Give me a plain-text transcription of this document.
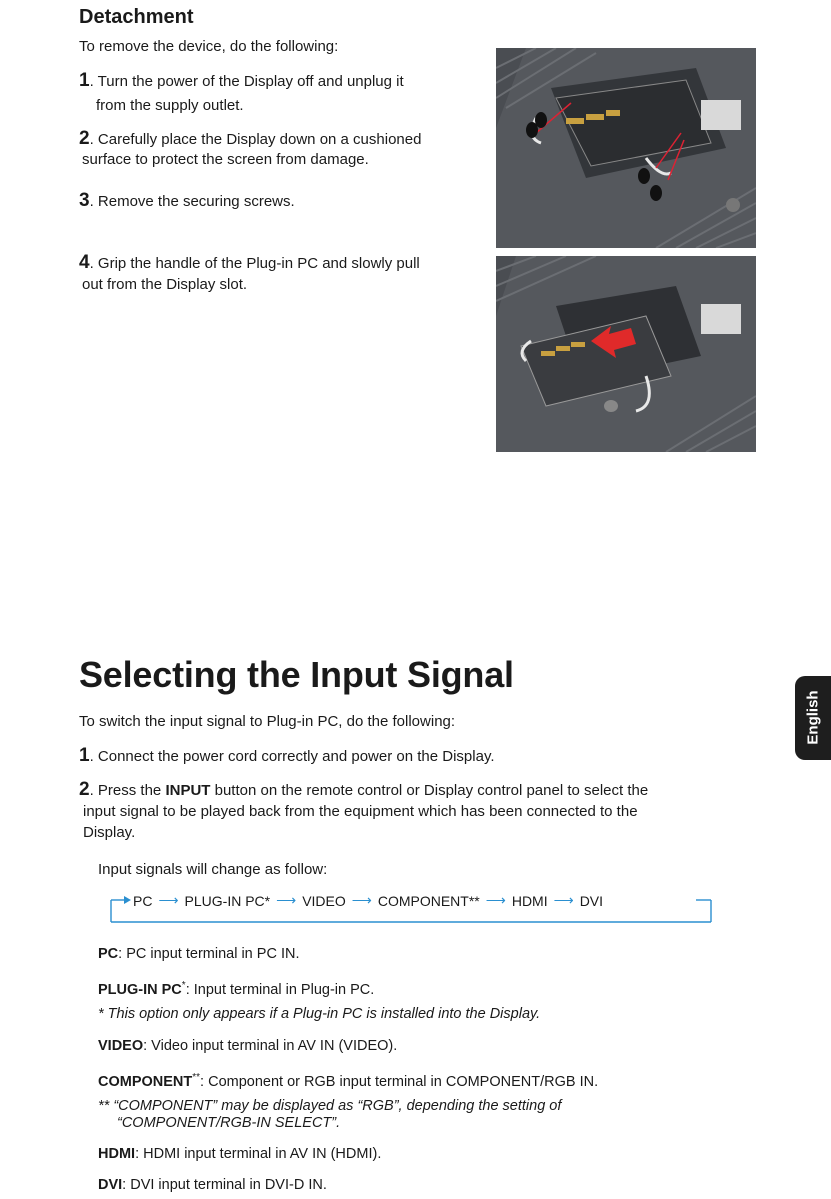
Detachment
To remove the device, do the following:
1. Turn the power of the Display off and unplug it
from the supply outlet.
2. Carefully place the Display down on a cushioned
surface to protect the screen from damage.
3. Remove the securing screws.
4. Grip the handle of the Plug-in PC and slowly pull
out from the Display slot.
Selecting the Input Signal
To switch the input signal to Plug-in PC, do the following:
1. Connect the power cord correctly and power on the Display.
2. Press the INPUT button on the remote control or Display control panel to select the
input signal to be played back from the equipment which has been connected to the
Display.
Input signals will change as follow:
PC ⟶ PLUG-IN PC* ⟶ VIDEO ⟶ COMPONENT** ⟶ HDMI ⟶ DVI
PC: PC input terminal in PC IN.
PLUG-IN PC*: Input terminal in Plug-in PC.
* This option only appears if a Plug-in PC is installed into the Display.
VIDEO: Video input terminal in AV IN (VIDEO).
COMPONENT**: Component or RGB input terminal in COMPONENT/RGB IN.
** “COMPONENT” may be displayed as “RGB”, depending the setting of
“COMPONENT/RGB-IN SELECT”.
HDMI: HDMI input terminal in AV IN (HDMI).
DVI: DVI input terminal in DVI-D IN.
English
